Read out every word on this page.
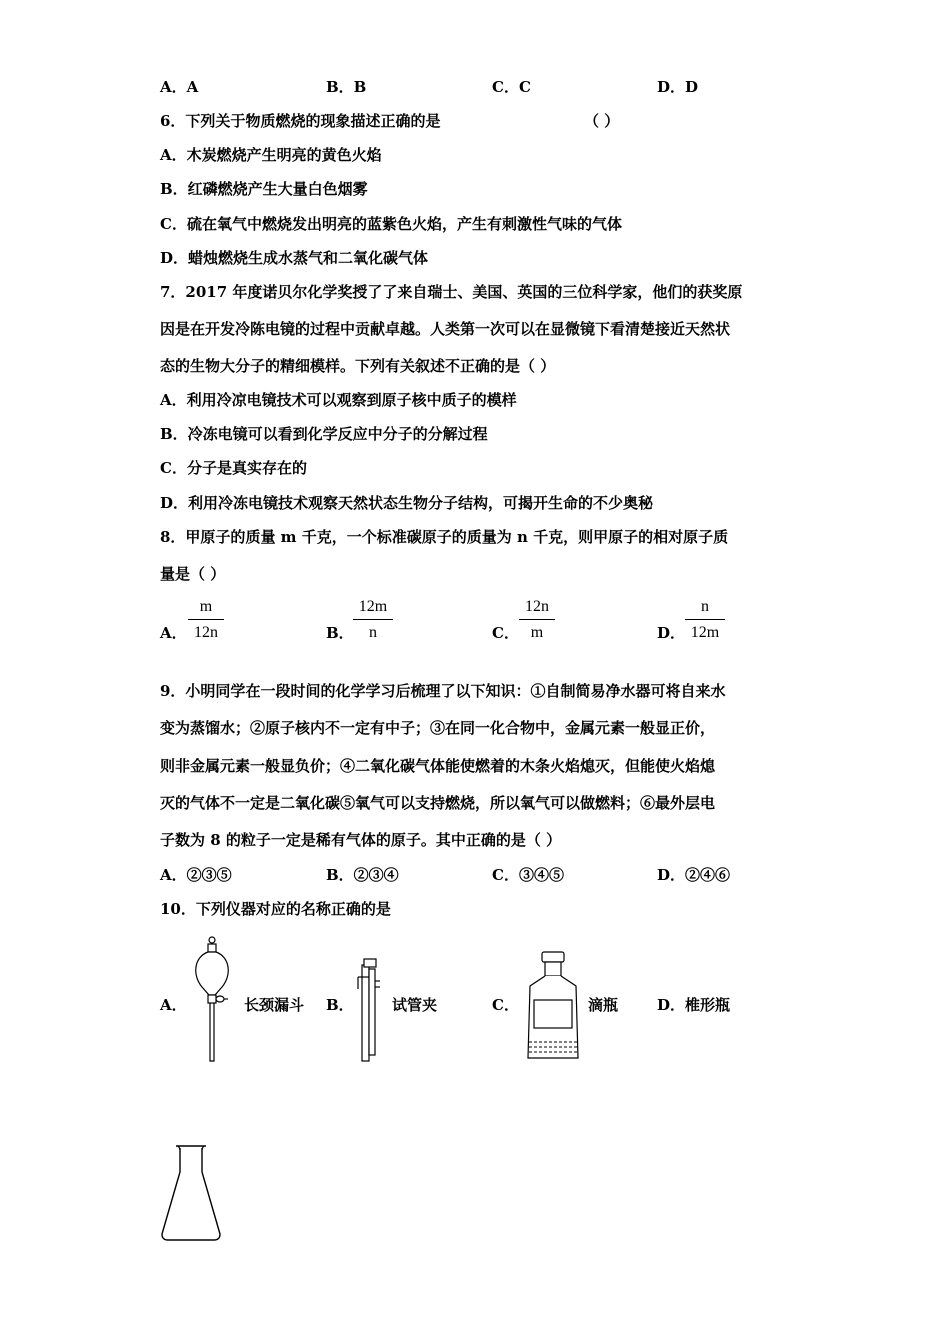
A．A	B．B	C．C	D．D
6．下列关于物质燃烧的现象描述正确的是	（ ）
A．木炭燃烧产生明亮的黄色火焰
B．红磷燃烧产生大量白色烟雾
C．硫在氧气中燃烧发出明亮的蓝紫色火焰，产生有刺激性气味的气体
D．蜡烛燃烧生成水蒸气和二氧化碳气体
7．2017 年度诺贝尔化学奖授了了来自瑞士、美国、英国的三位科学家，他们的获奖原
因是在开发冷陈电镜的过程中贡献卓越。人类第一次可以在显微镜下看清楚接近天然状
态的生物大分子的精细模样。下列有关叙述不正确的是（ ）
A．利用冷凉电镜技术可以观察到原子核中质子的模样
B．冷冻电镜可以看到化学反应中分子的分解过程
C．分子是真实存在的
D．利用冷冻电镜技术观察天然状态生物分子结构，可揭开生命的不少奥秘
8．甲原子的质量 m 千克，一个标准碳原子的质量为 n 千克，则甲原子的相对原子质
量是（ ）
A． $\frac{m}{12n}$	B． $\frac{12m}{n}$	C． $\frac{12n}{m}$	D． $\frac{n}{12m}$
9．小明同学在一段时间的化学学习后梳理了以下知识：①自制简易净水器可将自来水
变为蒸馏水；②原子核内不一定有中子；③在同一化合物中，金属元素一般显正价，
则非金属元素一般显负价；④二氧化碳气体能使燃着的木条火焰熄灭，但能使火焰熄
灭的气体不一定是二氧化碳⑤氧气可以支持燃烧，所以氧气可以做燃料；⑥最外层电
子数为 8 的粒子一定是稀有气体的原子。其中正确的是（ ）
A．②③⑤	B．②③④	C．③④⑤	D．②④⑥
10．下列仪器对应的名称正确的是
A．	长颈漏斗 B．	试管夹	C．	滴瓶	D． 椎形瓶
